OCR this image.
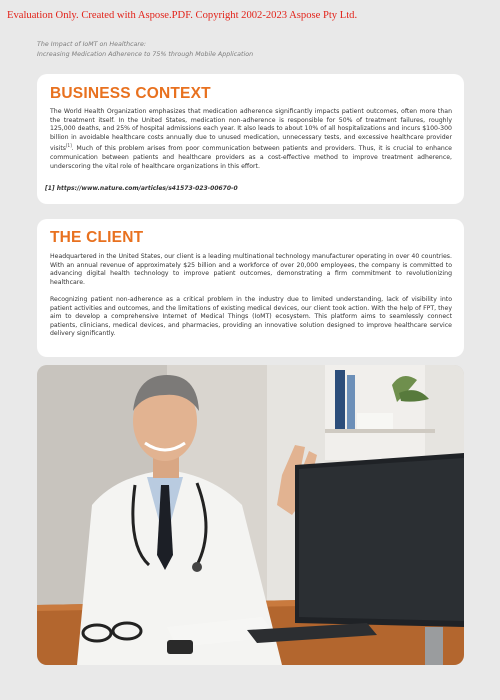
Evaluation Only. Created with Aspose.PDF. Copyright 2002-2023 Aspose Pty Ltd.
The Impact of IoMT on Healthcare:
Increasing Medication Adherence to 75% through Mobile Application
BUSINESS CONTEXT

The World Health Organization emphasizes that medication adherence significantly impacts patient outcomes, often more than the treatment itself. In the United States, medication non-adherence is responsible for 50% of treatment failures, roughly 125,000 deaths, and 25% of hospital admissions each year. It also leads to about 10% of all hospitalizations and incurs $100-300 billion in avoidable healthcare costs annually due to unused medication, unnecessary tests, and excessive healthcare provider visits[1]. Much of this problem arises from poor communication between patients and providers. Thus, it is crucial to enhance communication between patients and healthcare providers as a cost-effective method to improve treatment adherence, underscoring the vital role of healthcare organizations in this effort.

[1] https://www.nature.com/articles/s41573-023-00670-0
THE CLIENT

Headquartered in the United States, our client is a leading multinational technology manufacturer operating in over 40 countries. With an annual revenue of approximately $25 billion and a workforce of over 20,000 employees, the company is committed to advancing digital health technology to improve patient outcomes, demonstrating a firm commitment to revolutionizing healthcare.

Recognizing patient non-adherence as a critical problem in the industry due to limited understanding, lack of visibility into patient activities and outcomes, and the limitations of existing medical devices, our client took action. With the help of FPT, they aim to develop a comprehensive Internet of Medical Things (IoMT) ecosystem. This platform aims to seamlessly connect patients, clinicians, medical devices, and pharmacies, providing an innovative solution designed to improve healthcare service delivery significantly.
